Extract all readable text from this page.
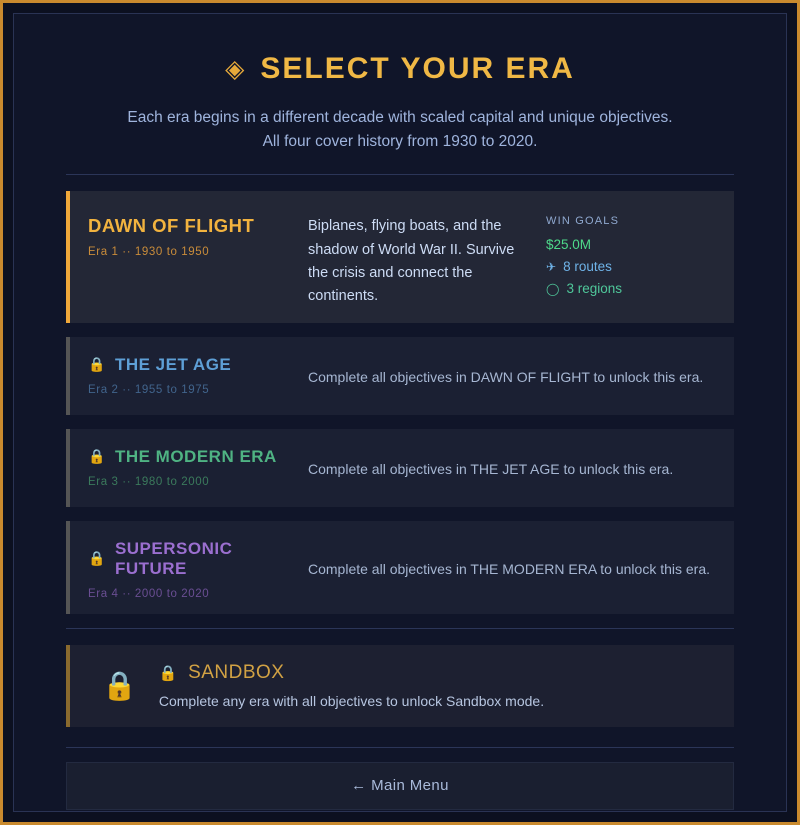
◈ SELECT YOUR ERA
Each era begins in a different decade with scaled capital and unique objectives.
All four cover history from 1930 to 2020.
DAWN OF FLIGHT
Era 1 ·· 1930 to 1950
Biplanes, flying boats, and the shadow of World War II. Survive the crisis and connect the continents.
WIN GOALS
$25.0M
✈ 8 routes
◯ 3 regions
🔒 THE JET AGE
Era 2 ·· 1955 to 1975
Complete all objectives in DAWN OF FLIGHT to unlock this era.
🔒 THE MODERN ERA
Era 3 ·· 1980 to 2000
Complete all objectives in THE JET AGE to unlock this era.
🔒
SUPERSONIC FUTURE
Era 4 ·· 2000 to 2020
Complete all objectives in THE MODERN ERA to unlock this era.
🔒 🔒 SANDBOX
Complete any era with all objectives to unlock Sandbox mode.
← Main Menu
